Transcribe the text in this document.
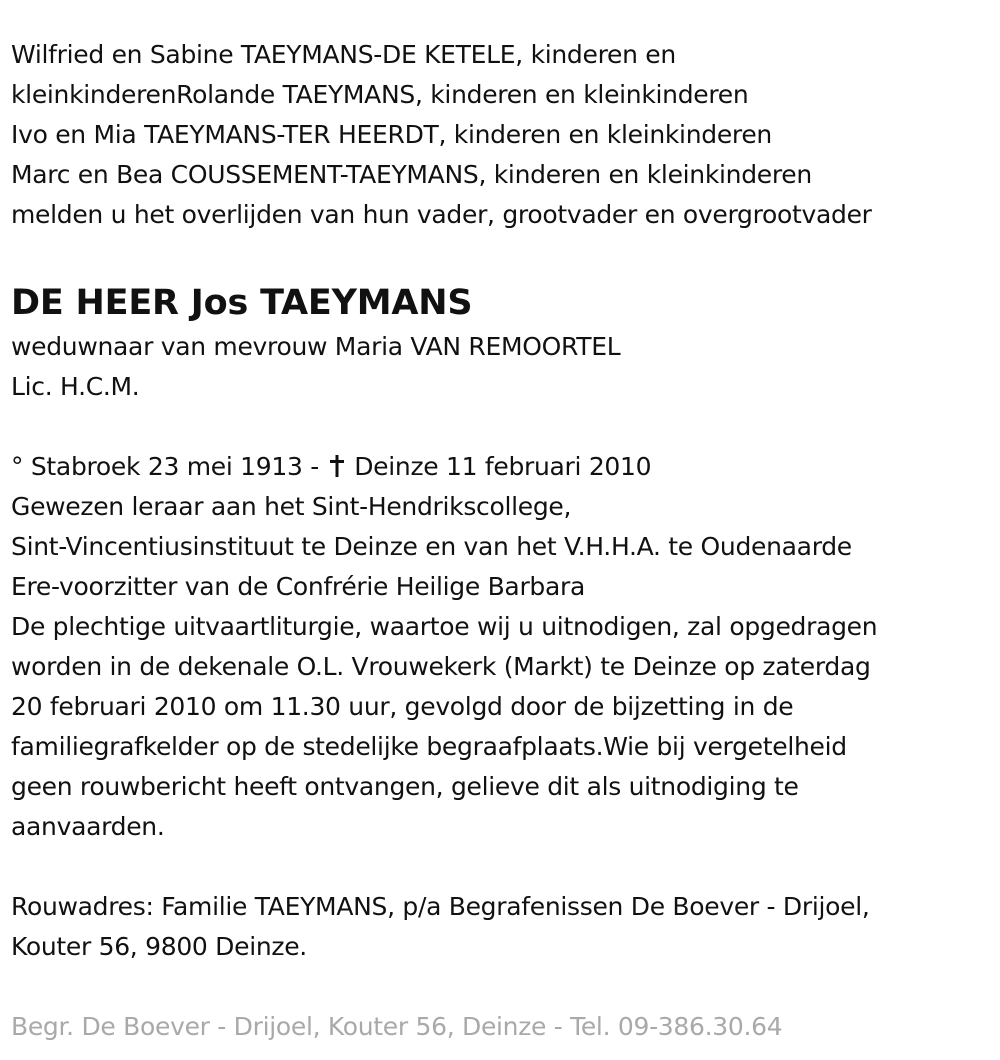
Wilfried en Sabine TAEYMANS-DE KETELE, kinderen en
kleinkinderenRolande TAEYMANS, kinderen en kleinkinderen
Ivo en Mia TAEYMANS-TER HEERDT, kinderen en kleinkinderen
Marc en Bea COUSSEMENT-TAEYMANS, kinderen en kleinkinderen
melden u het overlijden van hun vader, grootvader en overgrootvader
DE HEER Jos TAEYMANS
weduwnaar van mevrouw Maria VAN REMOORTEL
Lic. H.C.M.
° Stabroek 23 mei 1913 - Deinze 11 februari 2010
Gewezen leraar aan het Sint-Hendrikscollege,
Sint-Vincentiusinstituut te Deinze en van het V.H.H.A. te Oudenaarde
Ere-voorzitter van de Confrérie Heilige Barbara
De plechtige uitvaartliturgie, waartoe wij u uitnodigen, zal opgedragen
worden in de dekenale O.L. Vrouwekerk (Markt) te Deinze op zaterdag
20 februari 2010 om 11.30 uur, gevolgd door de bijzetting in de
familiegrafkelder op de stedelijke begraafplaats.Wie bij vergetelheid
geen rouwbericht heeft ontvangen, gelieve dit als uitnodiging te
aanvaarden.
Rouwadres: Familie TAEYMANS, p/a Begrafenissen De Boever - Drijoel,
Kouter 56, 9800 Deinze.
Begr. De Boever - Drijoel, Kouter 56, Deinze - Tel. 09-386.30.64
